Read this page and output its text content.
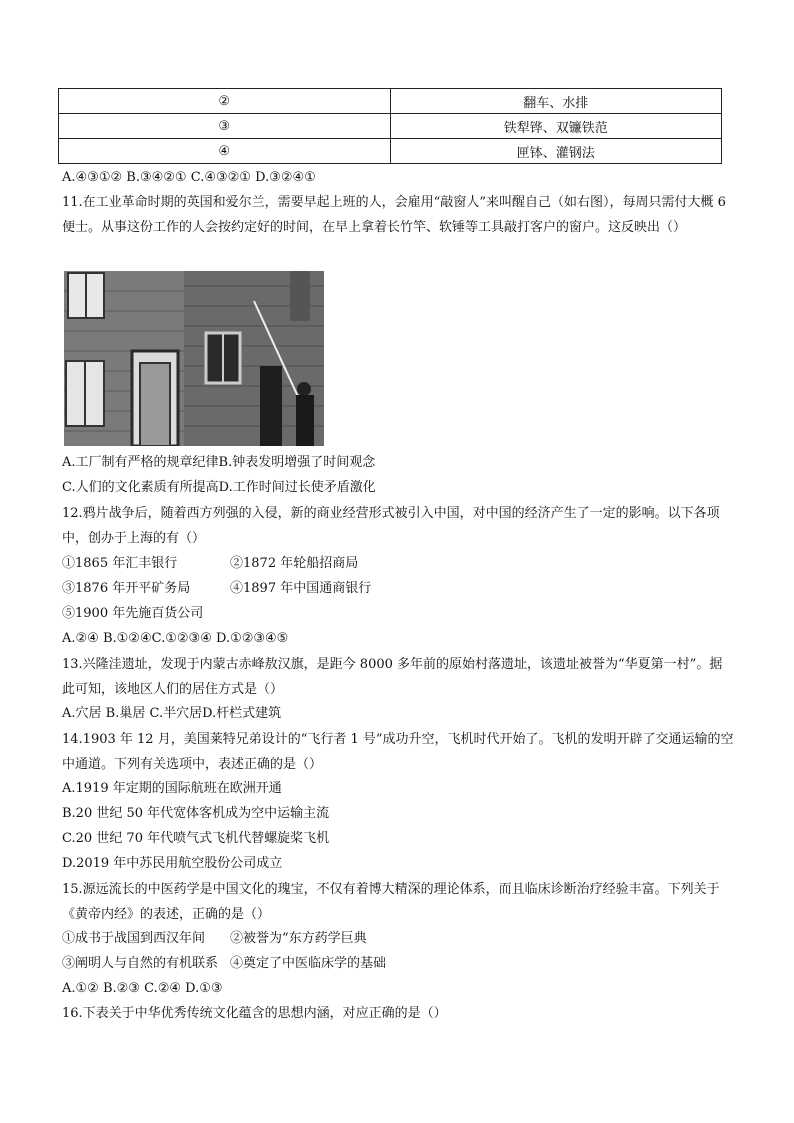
②	翻车、水排
③	铁犁铧、双镰铁范
④	匣钵、灌钢法
A.④③①② B.③④②① C.④③②① D.③②④①
11.在工业革命时期的英国和爱尔兰，需要早起上班的人，会雇用“敲窗人”来叫醒自己（如右图），每周只需付大概 6 便士。从事这份工作的人会按约定好的时间，在早上拿着长竹竿、软锤等工具敲打客户的窗户。这反映出（）
A.工厂制有严格的规章纪律B.钟表发明增强了时间观念
C.人们的文化素质有所提高D.工作时间过长使矛盾激化
12.鸦片战争后，随着西方列强的入侵，新的商业经营形式被引入中国，对中国的经济产生了一定的影响。以下各项中，创办于上海的有（）
①1865 年汇丰银行	②1872 年轮船招商局
③1876 年开平矿务局	④1897 年中国通商银行
⑤1900 年先施百货公司
A.②④ B.①②④C.①②③④ D.①②③④⑤
13.兴隆洼遗址，发现于内蒙古赤峰敖汉旗，是距今 8000 多年前的原始村落遗址，该遗址被誉为“华夏第一村”。据此可知，该地区人们的居住方式是（）
A.穴居 B.巢居 C.半穴居D.杆栏式建筑
14.1903 年 12 月，美国莱特兄弟设计的“飞行者 1 号”成功升空，飞机时代开始了。飞机的发明开辟了交通运输的空中通道。下列有关选项中，表述正确的是（）
A.1919 年定期的国际航班在欧洲开通
B.20 世纪 50 年代宽体客机成为空中运输主流
C.20 世纪 70 年代喷气式飞机代替螺旋桨飞机
D.2019 年中苏民用航空股份公司成立
15.源远流长的中医药学是中国文化的瑰宝，不仅有着博大精深的理论体系，而且临床诊断治疗经验丰富。下列关于《黄帝内经》的表述，正确的是（）
①成书于战国到西汉年间 ②被誉为“东方药学巨典
③阐明人与自然的有机联系 ④奠定了中医临床学的基础
A.①② B.②③ C.②④ D.①③
16.下表关于中华优秀传统文化蕴含的思想内涵，对应正确的是（）
